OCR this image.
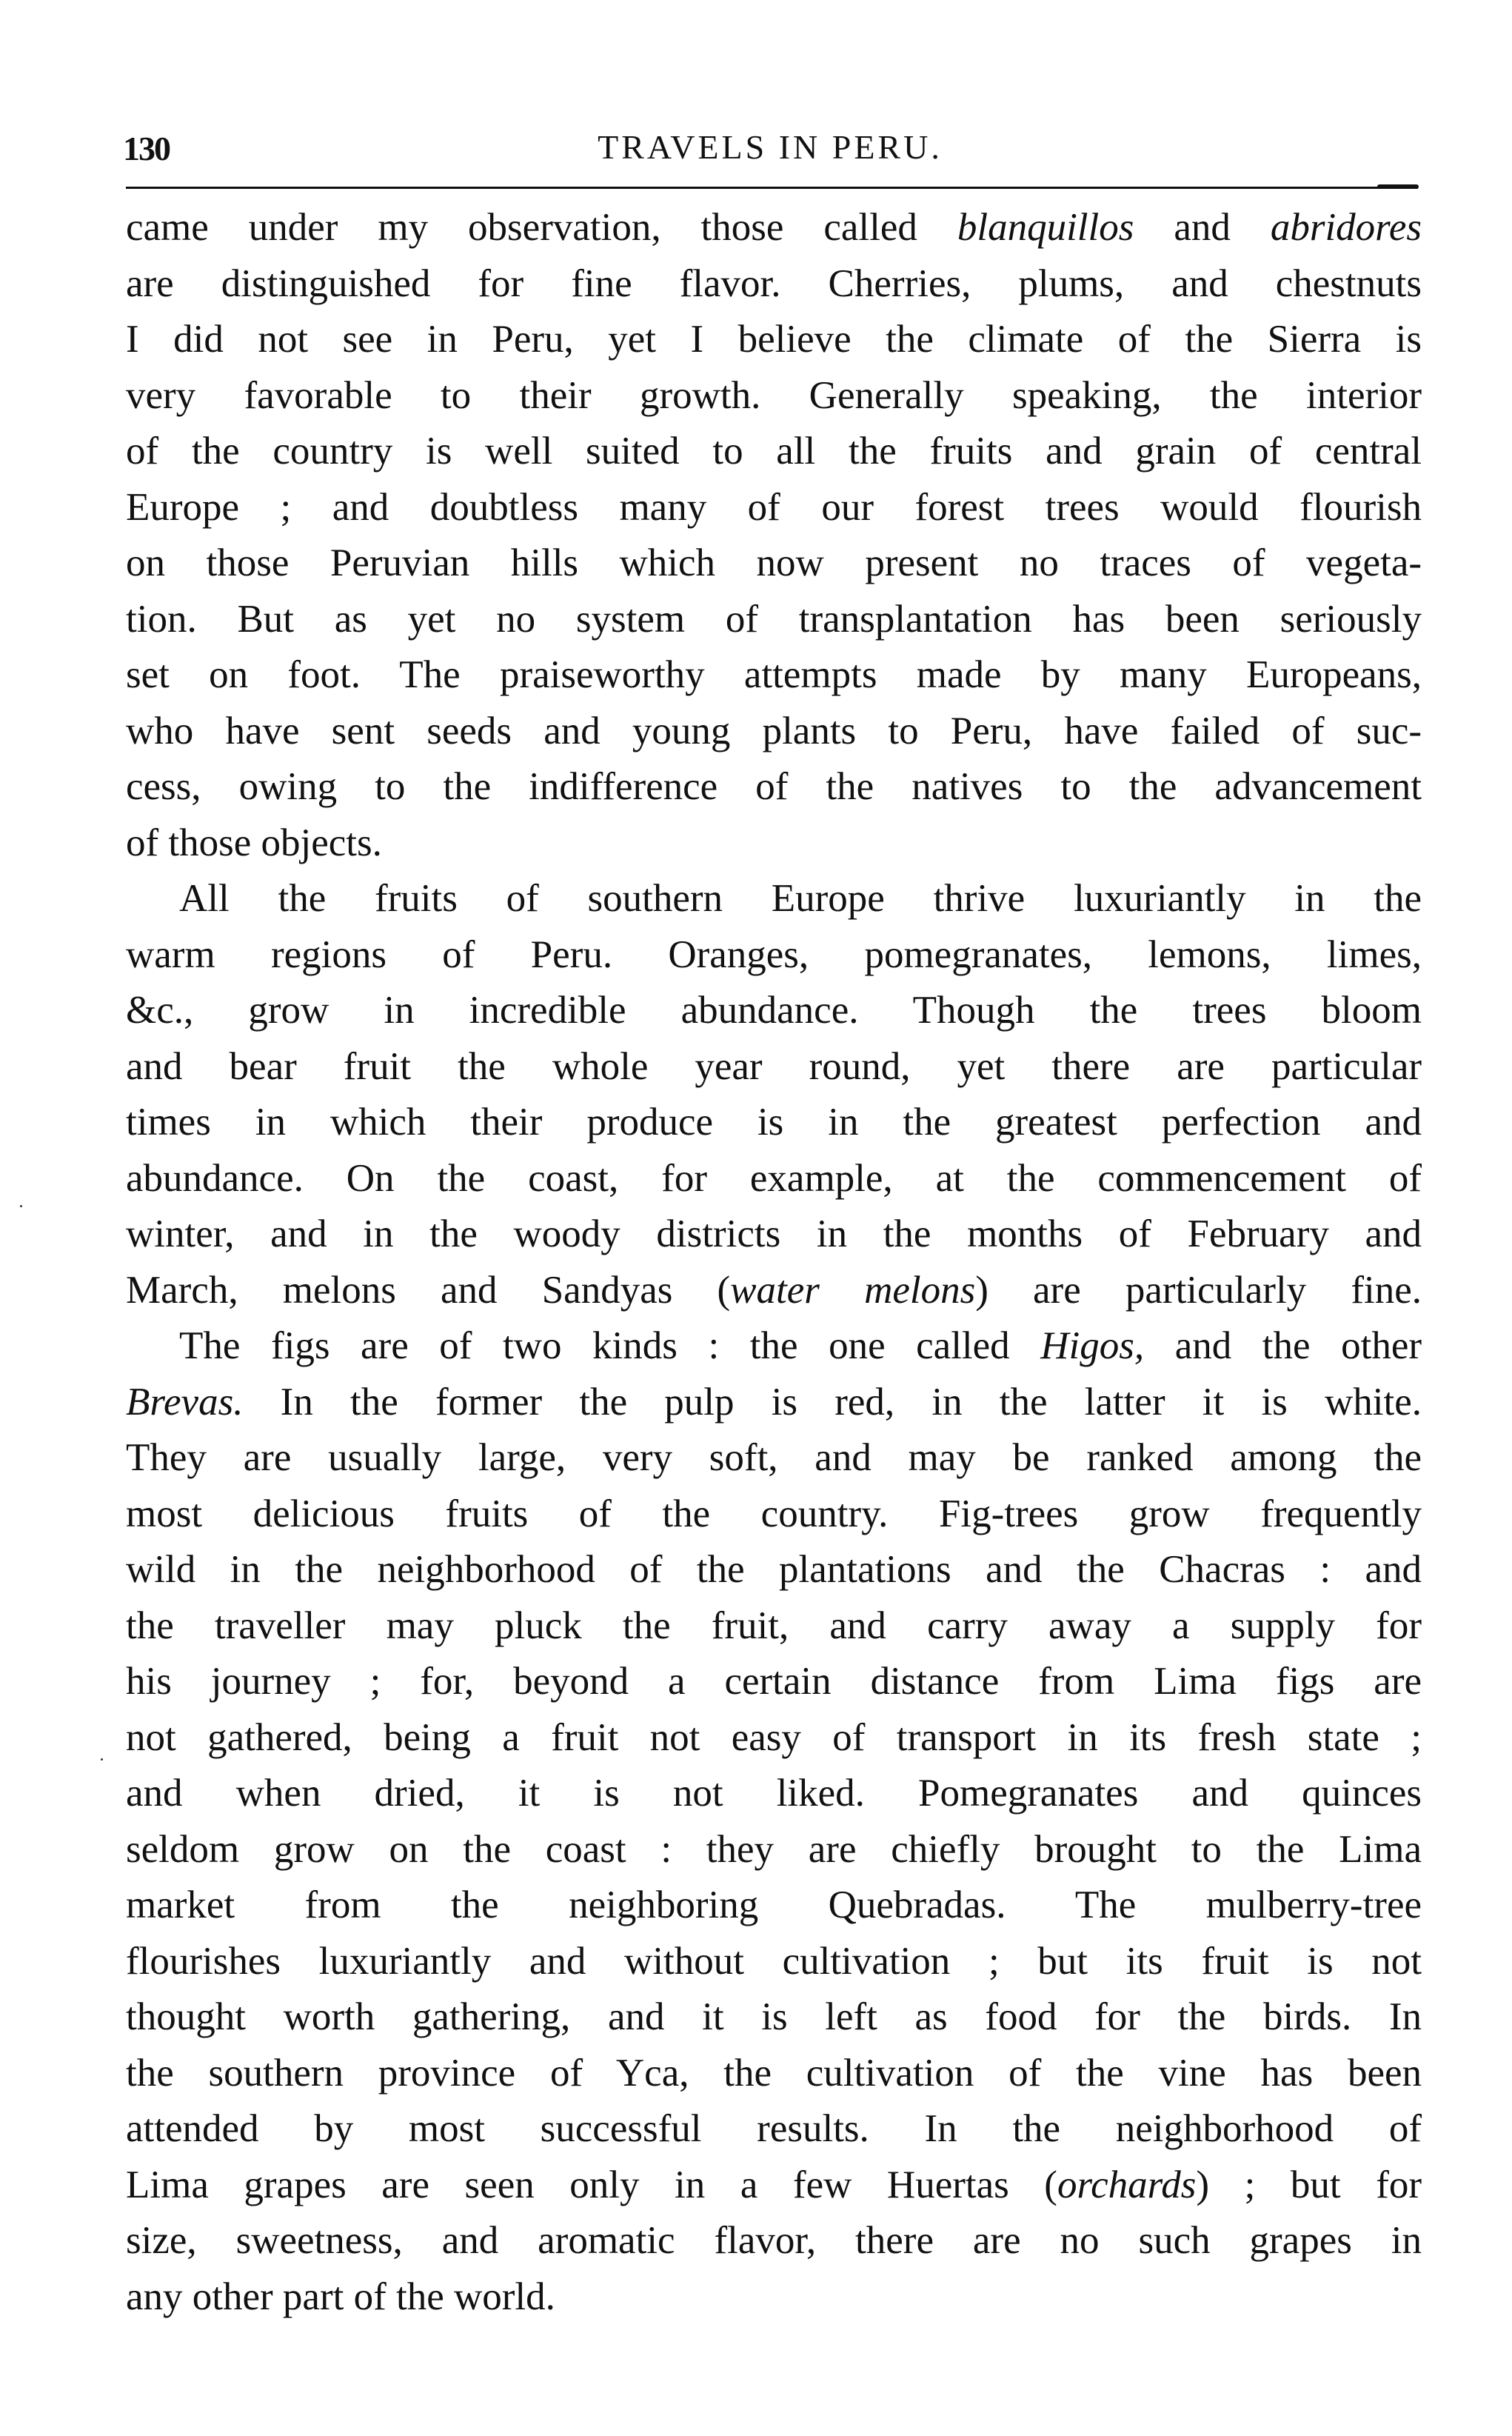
130	TRAVELS IN PERU.
came under my observation, those called blanquillos and abridores
are distinguished for fine flavor. Cherries, plums, and chestnuts
I did not see in Peru, yet I believe the climate of the Sierra is
very favorable to their growth. Generally speaking, the interior
of the country is well suited to all the fruits and grain of central
Europe ; and doubtless many of our forest trees would flourish
on those Peruvian hills which now present no traces of vegeta-
tion. But as yet no system of transplantation has been seriously
set on foot. The praiseworthy attempts made by many Europeans,
who have sent seeds and young plants to Peru, have failed of suc-
cess, owing to the indifference of the natives to the advancement
of those objects.
All the fruits of southern Europe thrive luxuriantly in the
warm regions of Peru. Oranges, pomegranates, lemons, limes,
&c., grow in incredible abundance. Though the trees bloom
and bear fruit the whole year round, yet there are particular
times in which their produce is in the greatest perfection and
abundance. On the coast, for example, at the commencement of
winter, and in the woody districts in the months of February and
March, melons and Sandyas (water melons) are particularly fine.
The figs are of two kinds : the one called Higos, and the other
Brevas. In the former the pulp is red, in the latter it is white.
They are usually large, very soft, and may be ranked among the
most delicious fruits of the country. Fig-trees grow frequently
wild in the neighborhood of the plantations and the Chacras : and
the traveller may pluck the fruit, and carry away a supply for
his journey ; for, beyond a certain distance from Lima figs are
not gathered, being a fruit not easy of transport in its fresh state ;
and when dried, it is not liked. Pomegranates and quinces
seldom grow on the coast : they are chiefly brought to the Lima
market from the neighboring Quebradas. The mulberry-tree
flourishes luxuriantly and without cultivation ; but its fruit is not
thought worth gathering, and it is left as food for the birds. In
the southern province of Yca, the cultivation of the vine has been
attended by most successful results. In the neighborhood of
Lima grapes are seen only in a few Huertas (orchards) ; but for
size, sweetness, and aromatic flavor, there are no such grapes in
any other part of the world.
